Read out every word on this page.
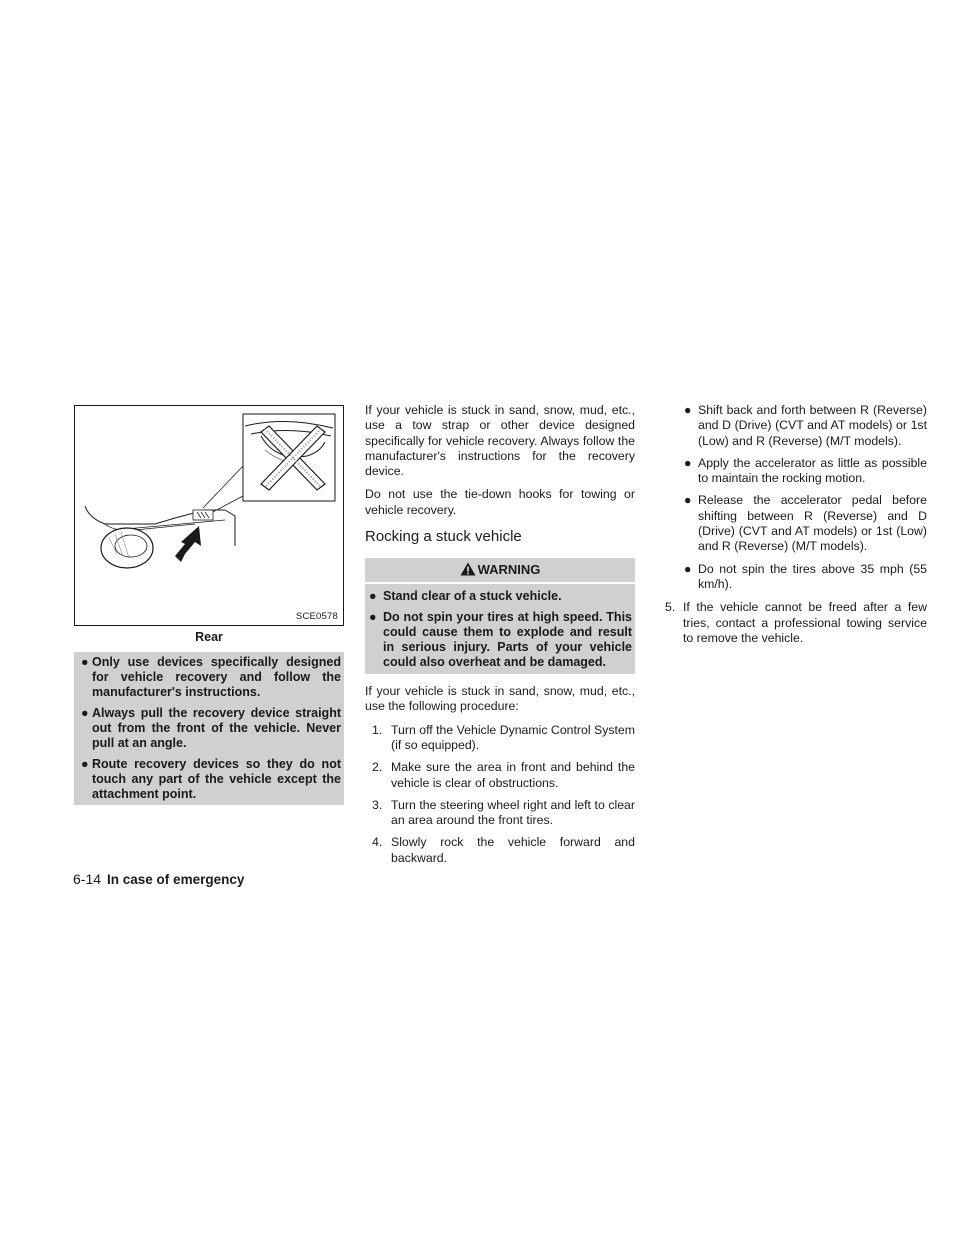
SCE0578
Rear
● Only use devices specifically designed for vehicle recovery and follow the manufacturer's instructions.
● Always pull the recovery device straight out from the front of the vehicle. Never pull at an angle.
● Route recovery devices so they do not touch any part of the vehicle except the attachment point.

If your vehicle is stuck in sand, snow, mud, etc., use a tow strap or other device designed specifically for vehicle recovery. Always follow the manufacturer's instructions for the recovery device.

Do not use the tie-down hooks for towing or vehicle recovery.

Rocking a stuck vehicle
WARNING
● Stand clear of a stuck vehicle.
● Do not spin your tires at high speed. This could cause them to explode and result in serious injury. Parts of your vehicle could also overheat and be damaged.

If your vehicle is stuck in sand, snow, mud, etc., use the following procedure:

1. Turn off the Vehicle Dynamic Control System (if so equipped).
2. Make sure the area in front and behind the vehicle is clear of obstructions.
3. Turn the steering wheel right and left to clear an area around the front tires.
4. Slowly rock the vehicle forward and backward.
● Shift back and forth between R (Reverse) and D (Drive) (CVT and AT models) or 1st (Low) and R (Reverse) (M/T models).
● Apply the accelerator as little as possible to maintain the rocking motion.
● Release the accelerator pedal before shifting between R (Reverse) and D (Drive) (CVT and AT models) or 1st (Low) and R (Reverse) (M/T models).
● Do not spin the tires above 35 mph (55 km/h).
5. If the vehicle cannot be freed after a few tries, contact a professional towing service to remove the vehicle.
6-14 In case of emergency
